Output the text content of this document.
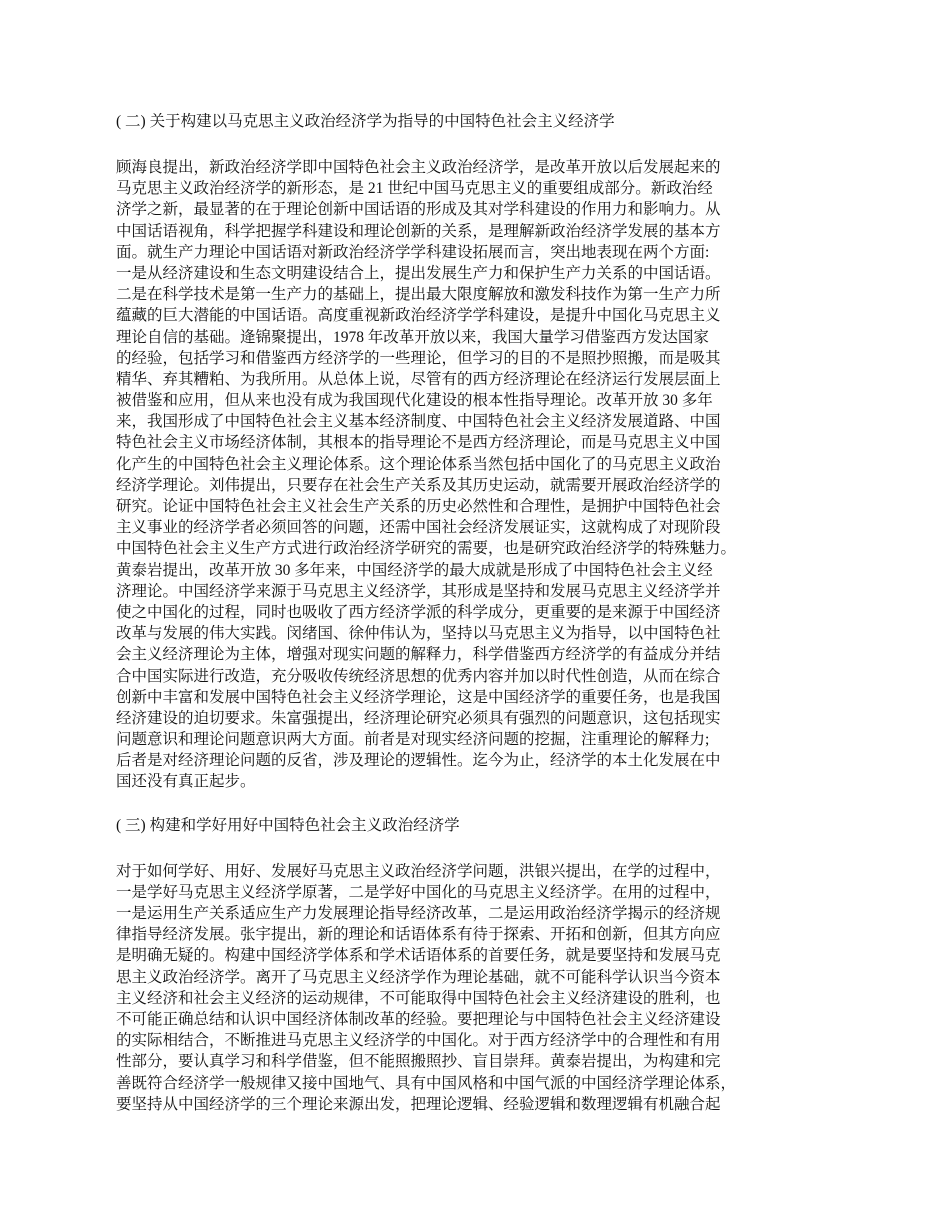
( 二) 关于构建以马克思主义政治经济学为指导的中国特色社会主义经济学
顾海良提出，新政治经济学即中国特色社会主义政治经济学，是改革开放以后发展起来的
马克思主义政治经济学的新形态，是 21 世纪中国马克思主义的重要组成部分。新政治经
济学之新，最显著的在于理论创新中国话语的形成及其对学科建设的作用力和影响力。从
中国话语视角，科学把握学科建设和理论创新的关系，是理解新政治经济学发展的基本方
面。就生产力理论中国话语对新政治经济学学科建设拓展而言，突出地表现在两个方面:
一是从经济建设和生态文明建设结合上，提出发展生产力和保护生产力关系的中国话语。
二是在科学技术是第一生产力的基础上，提出最大限度解放和激发科技作为第一生产力所
蕴藏的巨大潜能的中国话语。高度重视新政治经济学学科建设，是提升中国化马克思主义
理论自信的基础。逄锦聚提出，1978 年改革开放以来，我国大量学习借鉴西方发达国家
的经验，包括学习和借鉴西方经济学的一些理论，但学习的目的不是照抄照搬，而是吸其
精华、弃其糟粕、为我所用。从总体上说，尽管有的西方经济理论在经济运行发展层面上
被借鉴和应用，但从来也没有成为我国现代化建设的根本性指导理论。改革开放 30 多年
来，我国形成了中国特色社会主义基本经济制度、中国特色社会主义经济发展道路、中国
特色社会主义市场经济体制，其根本的指导理论不是西方经济理论，而是马克思主义中国
化产生的中国特色社会主义理论体系。这个理论体系当然包括中国化了的马克思主义政治
经济学理论。刘伟提出，只要存在社会生产关系及其历史运动，就需要开展政治经济学的
研究。论证中国特色社会主义社会生产关系的历史必然性和合理性，是拥护中国特色社会
主义事业的经济学者必须回答的问题，还需中国社会经济发展证实，这就构成了对现阶段
中国特色社会主义生产方式进行政治经济学研究的需要，也是研究政治经济学的特殊魅力。
黄泰岩提出，改革开放 30 多年来，中国经济学的最大成就是形成了中国特色社会主义经
济理论。中国经济学来源于马克思主义经济学，其形成是坚持和发展马克思主义经济学并
使之中国化的过程，同时也吸收了西方经济学派的科学成分，更重要的是来源于中国经济
改革与发展的伟大实践。闵绪国、徐仲伟认为，坚持以马克思主义为指导，以中国特色社
会主义经济理论为主体，增强对现实问题的解释力，科学借鉴西方经济学的有益成分并结
合中国实际进行改造，充分吸收传统经济思想的优秀内容并加以时代性创造，从而在综合
创新中丰富和发展中国特色社会主义经济学理论，这是中国经济学的重要任务，也是我国
经济建设的迫切要求。朱富强提出，经济理论研究必须具有强烈的问题意识，这包括现实
问题意识和理论问题意识两大方面。前者是对现实经济问题的挖掘，注重理论的解释力;
后者是对经济理论问题的反省，涉及理论的逻辑性。迄今为止，经济学的本土化发展在中
国还没有真正起步。
( 三) 构建和学好用好中国特色社会主义政治经济学
对于如何学好、用好、发展好马克思主义政治经济学问题，洪银兴提出，在学的过程中，
一是学好马克思主义经济学原著，二是学好中国化的马克思主义经济学。在用的过程中，
一是运用生产关系适应生产力发展理论指导经济改革，二是运用政治经济学揭示的经济规
律指导经济发展。张宇提出，新的理论和话语体系有待于探索、开拓和创新，但其方向应
是明确无疑的。构建中国经济学体系和学术话语体系的首要任务，就是要坚持和发展马克
思主义政治经济学。离开了马克思主义经济学作为理论基础，就不可能科学认识当今资本
主义经济和社会主义经济的运动规律，不可能取得中国特色社会主义经济建设的胜利，也
不可能正确总结和认识中国经济体制改革的经验。要把理论与中国特色社会主义经济建设
的实际相结合，不断推进马克思主义经济学的中国化。对于西方经济学中的合理性和有用
性部分，要认真学习和科学借鉴，但不能照搬照抄、盲目崇拜。黄泰岩提出，为构建和完
善既符合经济学一般规律又接中国地气、具有中国风格和中国气派的中国经济学理论体系，
要坚持从中国经济学的三个理论来源出发，把理论逻辑、经验逻辑和数理逻辑有机融合起
